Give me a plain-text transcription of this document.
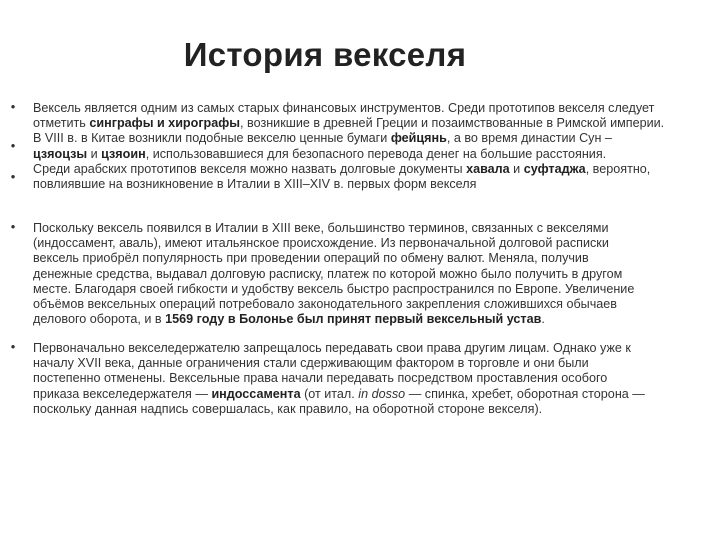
История векселя
•
•
•
Вексель является одним из самых старых финансовых инструментов. Среди прототипов векселя следует
отметить синграфы и хирографы, возникшие в древней Греции и позаимствованные в Римской империи.
В VIII в. в Китае возникли подобные векселю ценные бумаги фейцянь, а во время династии Сун –
цзяоцзы и цзяоин, использовавшиеся для безопасного перевода денег на большие расстояния.
Среди арабских прототипов векселя можно назвать долговые документы хавала и суфтаджа, вероятно,
повлиявшие на возникновение в Италии в XIII–XIV в. первых форм векселя
• Поскольку вексель появился в Италии в XIII веке, большинство терминов, связанных с векселями
(индоссамент, аваль), имеют итальянское происхождение. Из первоначальной долговой расписки
вексель приобрёл популярность при проведении операций по обмену валют. Меняла, получив
денежные средства, выдавал долговую расписку, платеж по которой можно было получить в другом
месте. Благодаря своей гибкости и удобству вексель быстро распространился по Европе. Увеличение
объёмов вексельных операций потребовало законодательного закрепления сложившихся обычаев
делового оборота, и в 1569 году в Болонье был принят первый вексельный устав.
• Первоначально векселедержателю запрещалось передавать свои права другим лицам. Однако уже к
началу XVII века, данные ограничения стали сдерживающим фактором в торговле и они были
постепенно отменены. Вексельные права начали передавать посредством проставления особого
приказа векселедержателя — индоссамента (от итал. in dosso — спинка, хребет, оборотная сторона —
поскольку данная надпись совершалась, как правило, на оборотной стороне векселя).
